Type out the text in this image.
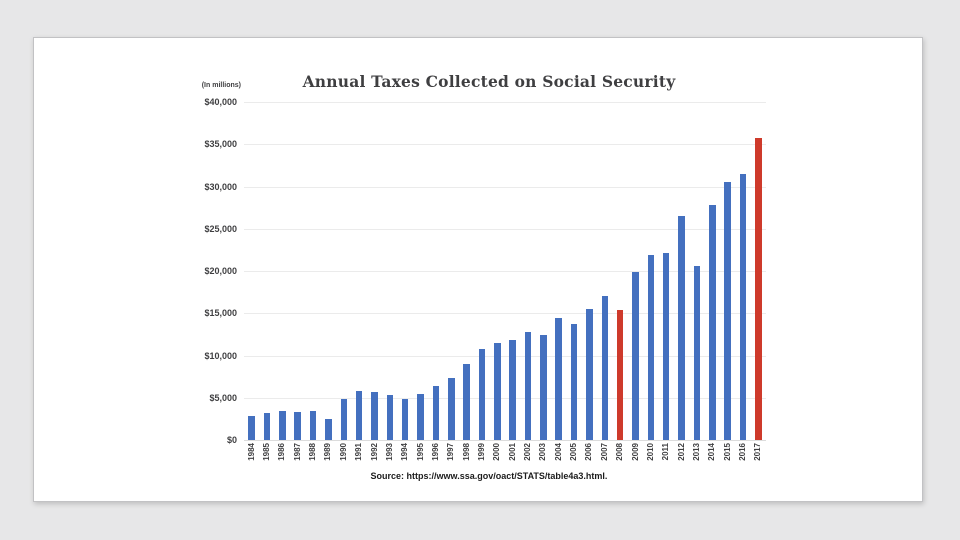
Annual Taxes Collected on Social Security
(In millions)
$0
$5,000
$10,000
$15,000
$20,000
$25,000
$30,000
$35,000
$40,000
1984 1985 1986 1987 1988 1989 1990 1991 1992 1993 1994 1995 1996 1997 1998 1999 2000 2001 2002 2003 2004 2005 2006 2007 2008 2009 2010 2011 2012 2013 2014 2015 2016 2017
Source: https://www.ssa.gov/oact/STATS/table4a3.html.
